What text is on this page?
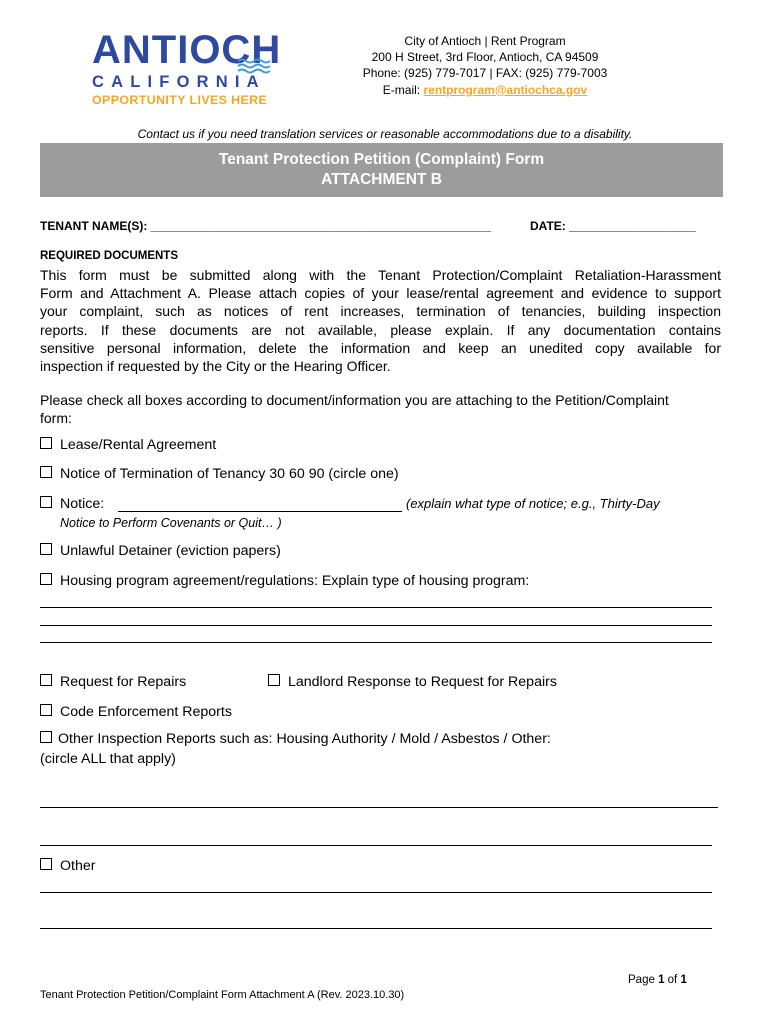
ANTIOCH
CALIFORNIA
OPPORTUNITY LIVES HERE
City of Antioch | Rent Program
200 H Street, 3rd Floor, Antioch, CA 94509
Phone: (925) 779-7017 | FAX: (925) 779-7003
E-mail: rentprogram@antiochca.gov
Contact us if you need translation services or reasonable accommodations due to a disability.
Tenant Protection Petition (Complaint) Form
ATTACHMENT B
TENANT NAME(S): ___________________________________________________	DATE: ___________________
REQUIRED DOCUMENTS
This form must be submitted along with the Tenant Protection/Complaint Retaliation-Harassment
Form and Attachment A. Please attach copies of your lease/rental agreement and evidence to support
your complaint, such as notices of rent increases, termination of tenancies, building inspection
reports. If these documents are not available, please explain. If any documentation contains
sensitive personal information, delete the information and keep an unedited copy available for
inspection if requested by the City or the Hearing Officer.
Please check all boxes according to document/information you are attaching to the Petition/Complaint
form:
Lease/Rental Agreement
Notice of Termination of Tenancy 30 60 90 (circle one)
Notice:	(explain what type of notice; e.g., Thirty-Day
Notice to Perform Covenants or Quit… )
Unlawful Detainer (eviction papers)
Housing program agreement/regulations: Explain type of housing program:
Request for Repairs	Landlord Response to Request for Repairs
Code Enforcement Reports
Other Inspection Reports such as: Housing Authority / Mold / Asbestos / Other:
(circle ALL that apply)
Other
Page 1 of 1
Tenant Protection Petition/Complaint Form Attachment A (Rev. 2023.10.30)
